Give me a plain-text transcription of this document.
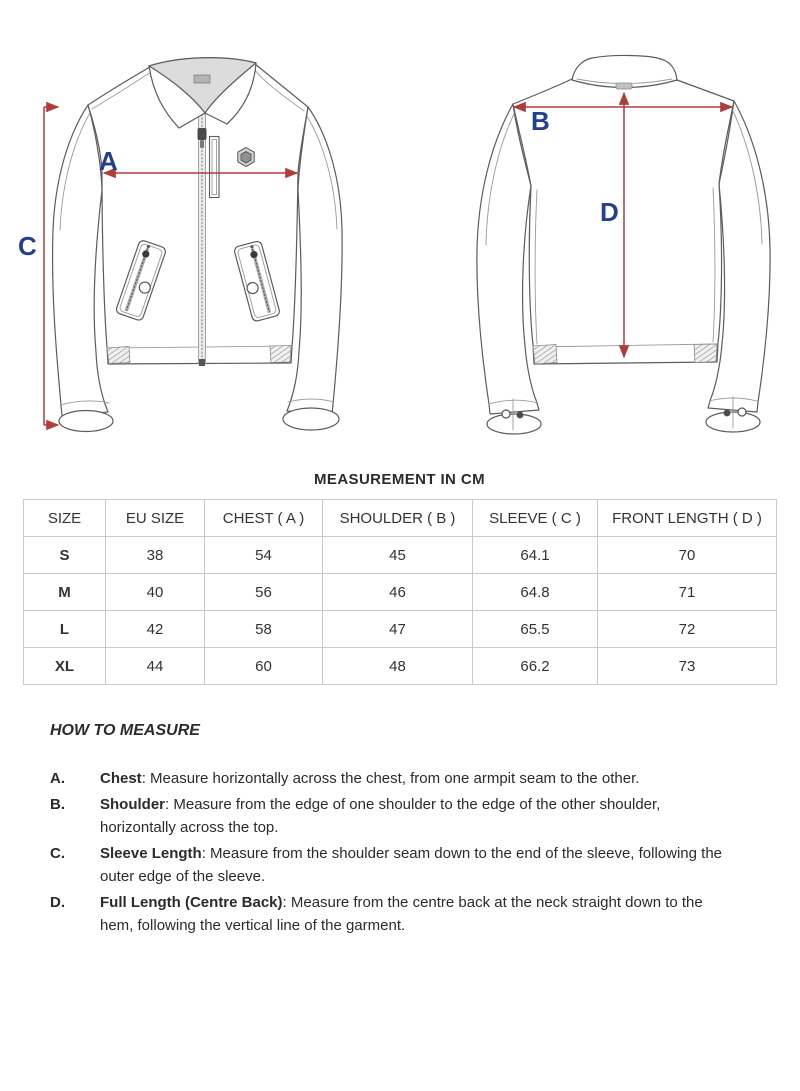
A
C
B
D
MEASUREMENT IN CM
SIZE	EU SIZE	CHEST ( A )	SHOULDER ( B )	SLEEVE ( C )	FRONT LENGTH ( D )
S	38	54	45	64.1	70
M	40	56	46	64.8	71
L	42	58	47	65.5	72
XL	44	60	48	66.2	73
HOW TO MEASURE
A.	Chest: Measure horizontally across the chest, from one armpit seam to the other.
B.	Shoulder: Measure from the edge of one shoulder to the edge of the other shoulder, horizontally across the top.
C.	Sleeve Length: Measure from the shoulder seam down to the end of the sleeve, following the outer edge of the sleeve.
D.	Full Length (Centre Back): Measure from the centre back at the neck straight down to the hem, following the vertical line of the garment.
